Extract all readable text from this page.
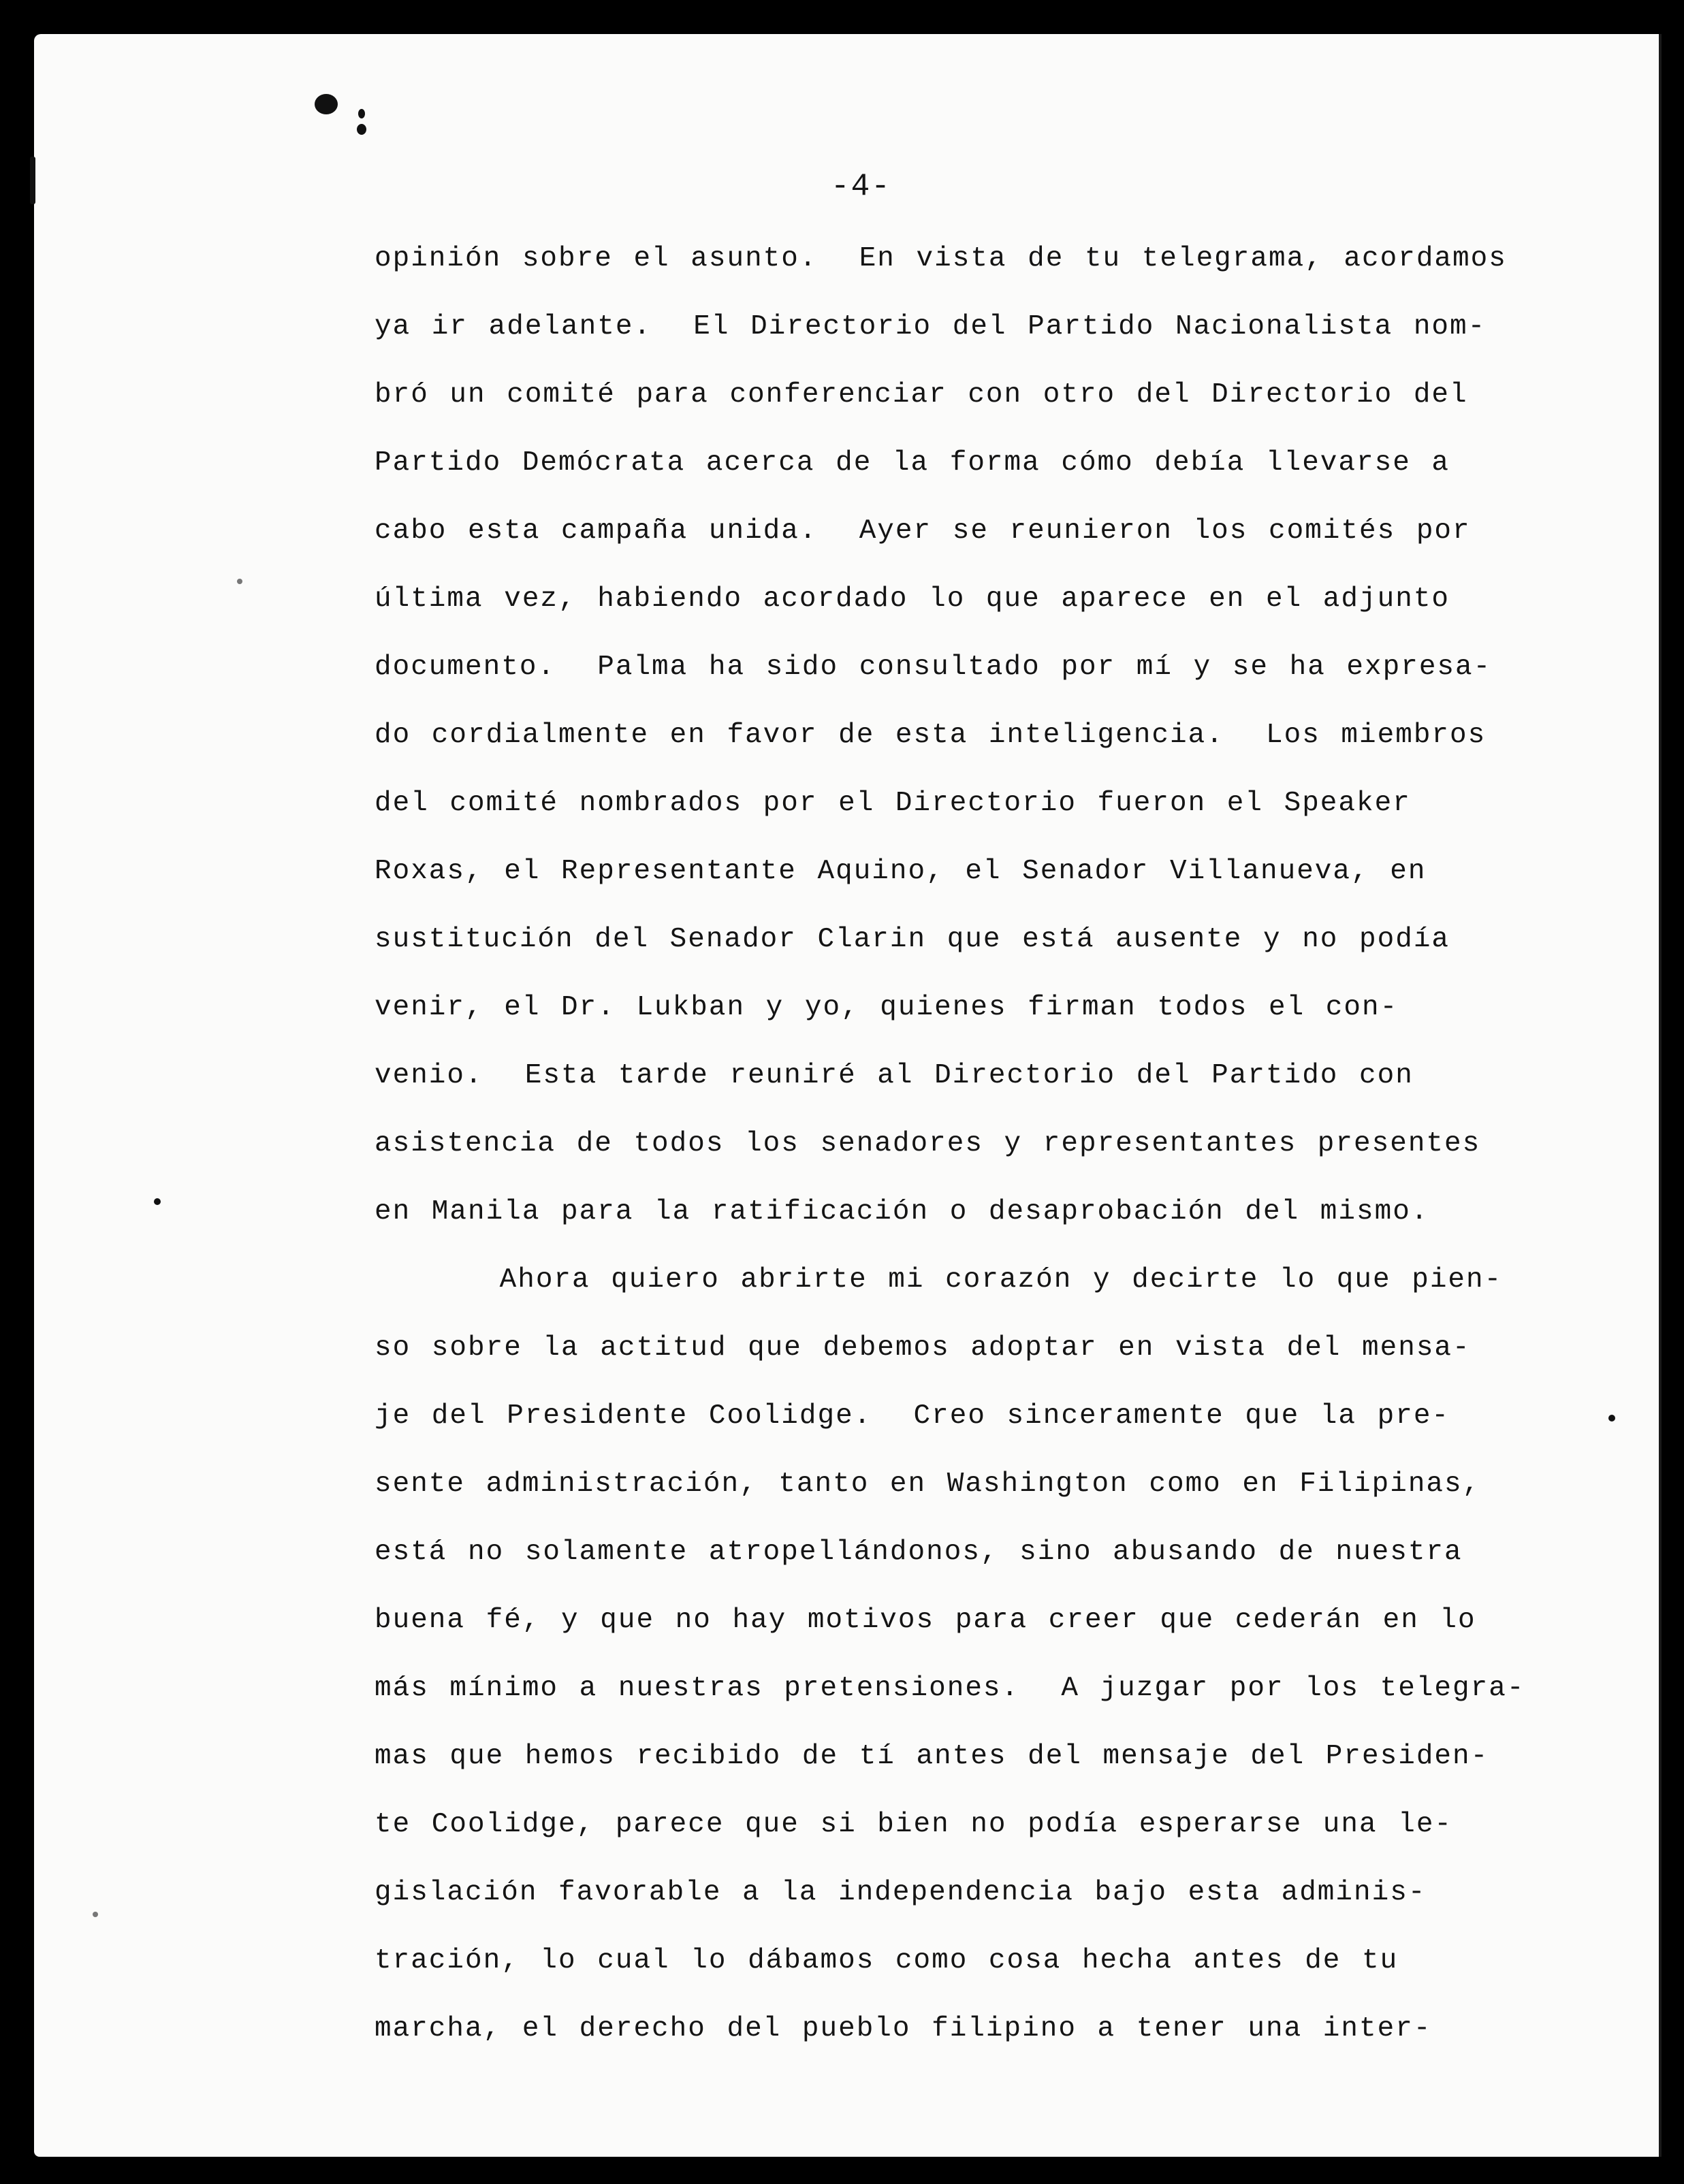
-4-
opinión sobre el asunto.  En vista de tu telegrama, acordamos
ya ir adelante.  El Directorio del Partido Nacionalista nom-
bró un comité para conferenciar con otro del Directorio del
Partido Demócrata acerca de la forma cómo debía llevarse a
cabo esta campaña unida.  Ayer se reunieron los comités por
última vez, habiendo acordado lo que aparece en el adjunto
documento.  Palma ha sido consultado por mí y se ha expresa-
do cordialmente en favor de esta inteligencia.  Los miembros
del comité nombrados por el Directorio fueron el Speaker
Roxas, el Representante Aquino, el Senador Villanueva, en
sustitución del Senador Clarin que está ausente y no podía
venir, el Dr. Lukban y yo, quienes firman todos el con-
venio.  Esta tarde reuniré al Directorio del Partido con
asistencia de todos los senadores y representantes presentes
en Manila para la ratificación o desaprobación del mismo.
Ahora quiero abrirte mi corazón y decirte lo que pien-
so sobre la actitud que debemos adoptar en vista del mensa-
je del Presidente Coolidge.  Creo sinceramente que la pre-
sente administración, tanto en Washington como en Filipinas,
está no solamente atropellándonos, sino abusando de nuestra
buena fé, y que no hay motivos para creer que cederán en lo
más mínimo a nuestras pretensiones.  A juzgar por los telegra-
mas que hemos recibido de tí antes del mensaje del Presiden-
te Coolidge, parece que si bien no podía esperarse una le-
gislación favorable a la independencia bajo esta adminis-
tración, lo cual lo dábamos como cosa hecha antes de tu
marcha, el derecho del pueblo filipino a tener una inter-
